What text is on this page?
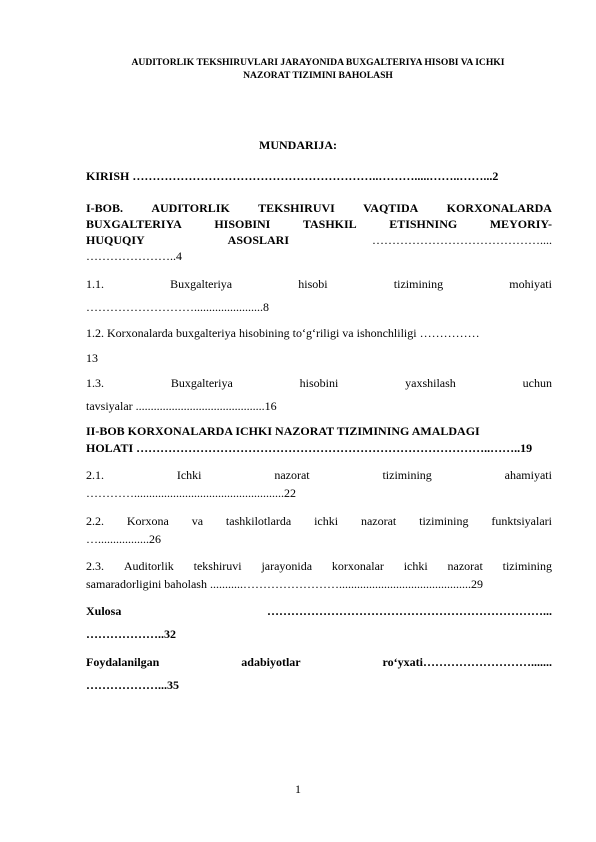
AUDITORLIK TEKSHIRUVLARI JARAYONIDA BUXGALTERIYA HISOBI VA ICHKI
NAZORAT TIZIMINI BAHOLASH
MUNDARIJA:
KIRISH ……………………………………………………..……….....……..……...2
I-BOB. AUDITORLIK TEKSHIRUVI VAQTIDA KORXONALARDA
BUXGALTERIYA	HISOBINI	TASHKIL	ETISHNING	MEYORIY-
HUQUQIY	ASOSLARI	……………………………………....
…………………..4
1.1.	Buxgalteriya	hisobi	tizimining	mohiyati
……………………….......................8
1.2. Korxonalarda buxgalteriya hisobining to‘g‘riligi va ishonchliligi ……………
13
1.3.	Buxgalteriya	hisobini	yaxshilash	uchun
tavsiyalar ...........................................16
II-BOB KORXONALARDA ICHKI NAZORAT TIZIMINING AMALDAGI
HOLATI ……………………………………………………………………………..……..19
2.1.	Ichki	nazorat	tizimining	ahamiyati
…………..................................................22
2.2. Korxona va tashkilotlarda ichki nazorat tizimining funktsiyalari
….................26
2.3. Auditorlik tekshiruvi jarayonida korxonalar ichki nazorat tizimining
samaradorligini baholash ...........……………………............................................29
Xulosa	……………………………………………………………...
………………..32
Foydalanilgan	adabiyotlar	ro‘yxati……………………….......
………………...35
1
